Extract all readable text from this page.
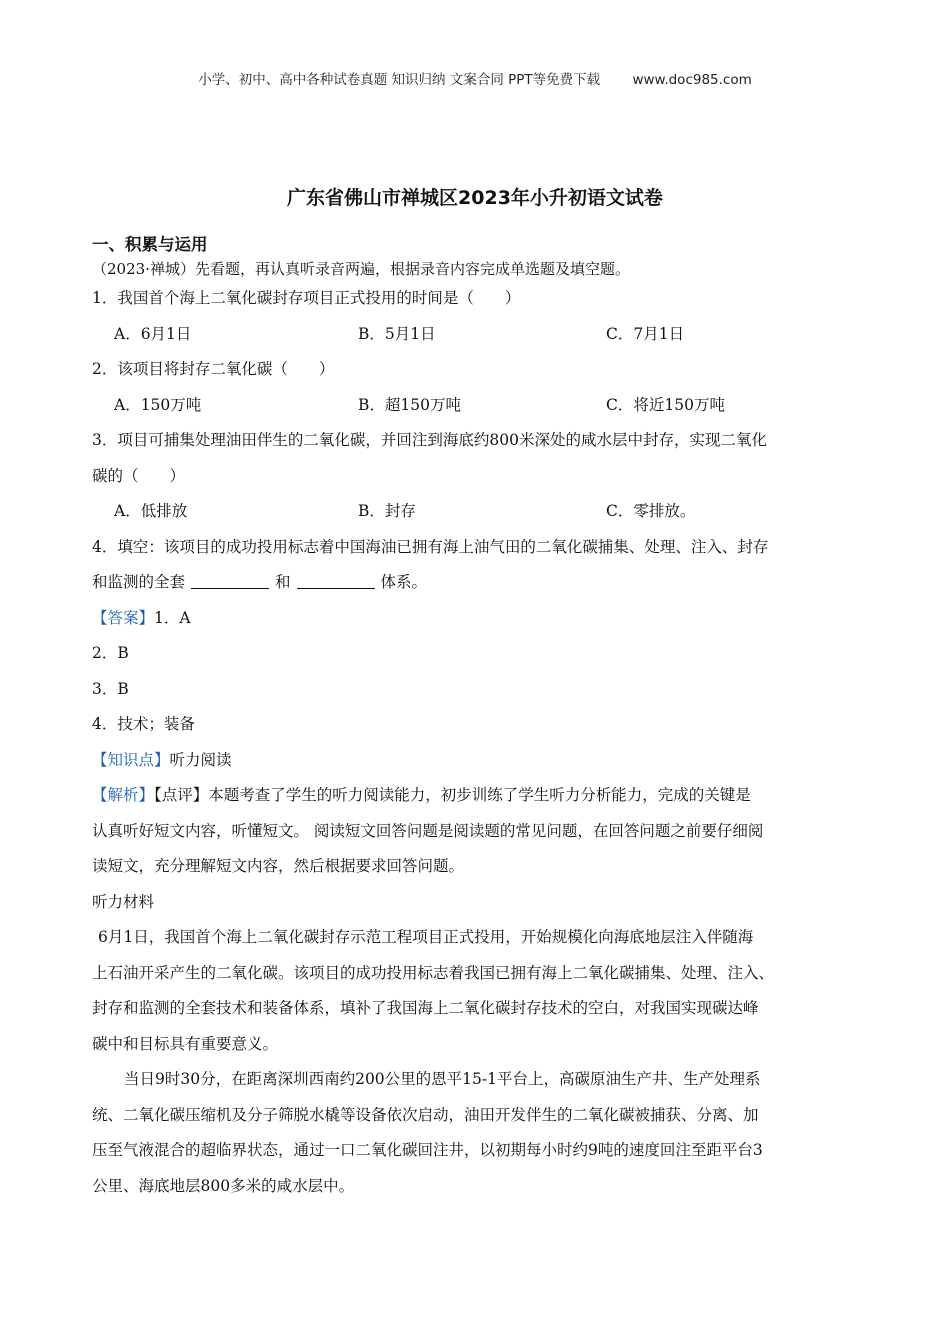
小学、初中、高中各种试卷真题 知识归纳 文案合同 PPT等免费下载 www.doc985.com
广东省佛山市禅城区2023年小升初语文试卷
一、积累与运用
（2023·禅城）先看题，再认真听录音两遍，根据录音内容完成单选题及填空题。
1．我国首个海上二氧化碳封存项目正式投用的时间是（　　）
A．6月1日	B．5月1日	C．7月1日
2．该项目将封存二氧化碳（　　）
A．150万吨	B．超150万吨	C．将近150万吨
3．项目可捕集处理油田伴生的二氧化碳，并回注到海底约800米深处的咸水层中封存，实现二氧化
碳的（　　）
A．低排放	B．封存	C．零排放。
4．填空：该项目的成功投用标志着中国海油已拥有海上油气田的二氧化碳捕集、处理、注入、封存
和监测的全套	和	体系。
【答案】1．A
2．B
3．B
4．技术；装备
【知识点】听力阅读
【解析】【点评】本题考查了学生的听力阅读能力，初步训练了学生听力分析能力，完成的关键是
认真听好短文内容，听懂短文。 阅读短文回答问题是阅读题的常见问题，在回答问题之前要仔细阅
读短文，充分理解短文内容，然后根据要求回答问题。
听力材料
6月1日，我国首个海上二氧化碳封存示范工程项目正式投用，开始规模化向海底地层注入伴随海
上石油开采产生的二氧化碳。该项目的成功投用标志着我国已拥有海上二氧化碳捕集、处理、注入、
封存和监测的全套技术和装备体系，填补了我国海上二氧化碳封存技术的空白，对我国实现碳达峰
碳中和目标具有重要意义。
当日9时30分，在距离深圳西南约200公里的恩平15-1平台上，高碳原油生产井、生产处理系
统、二氧化碳压缩机及分子筛脱水橇等设备依次启动，油田开发伴生的二氧化碳被捕获、分离、加
压至气液混合的超临界状态，通过一口二氧化碳回注井，以初期每小时约9吨的速度回注至距平台3
公里、海底地层800多米的咸水层中。
